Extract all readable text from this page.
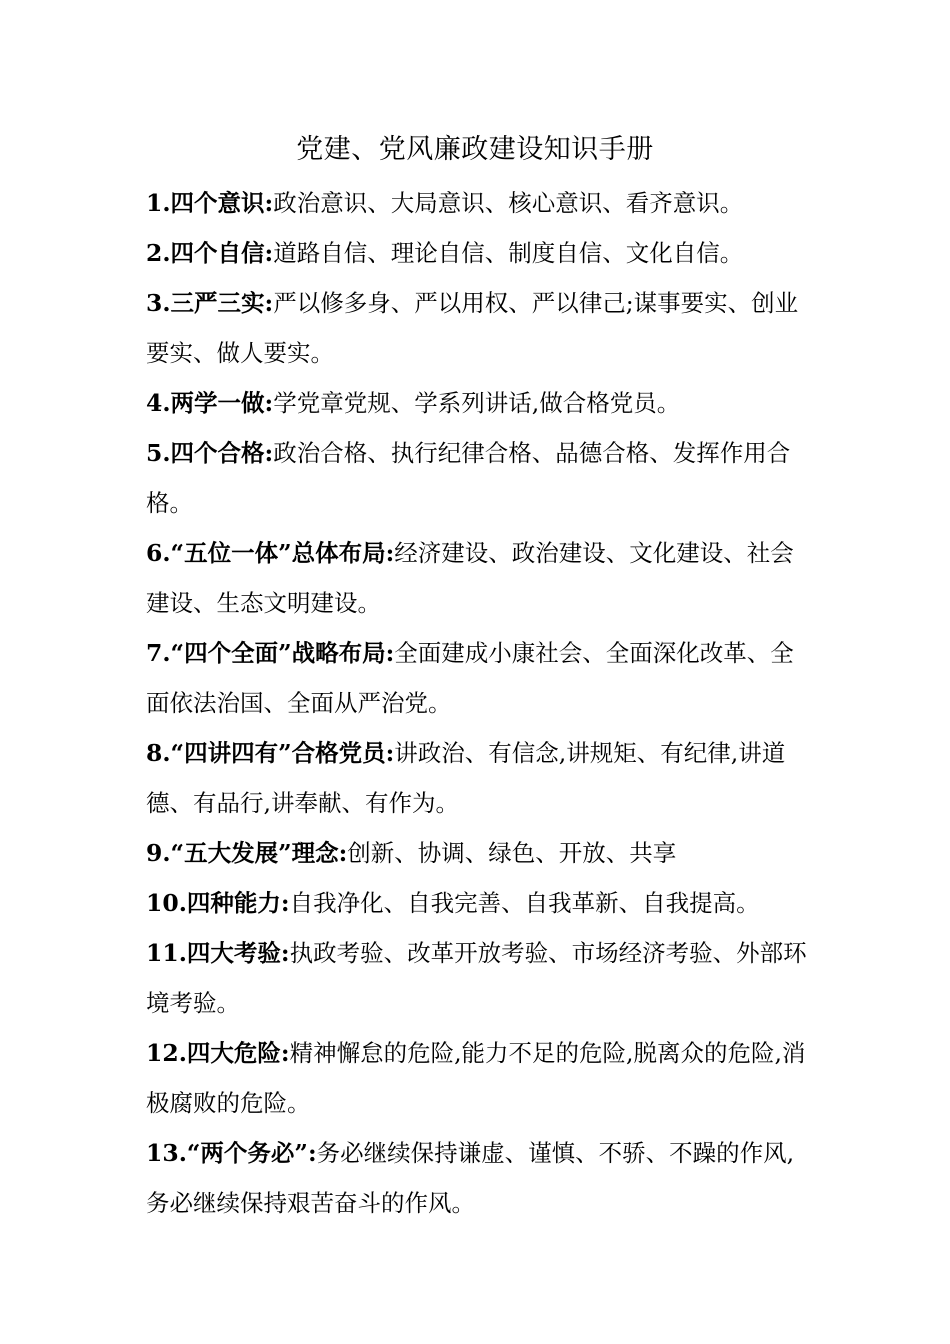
党建、党风廉政建设知识手册

1.四个意识:政治意识、大局意识、核心意识、看齐意识。

2.四个自信:道路自信、理论自信、制度自信、文化自信。

3.三严三实:严以修多身、严以用权、严以律己;谋事要实、创业要实、做人要实。

4.两学一做:学党章党规、学系列讲话,做合格党员。

5.四个合格:政治合格、执行纪律合格、品德合格、发挥作用合格。

6.“五位一体”总体布局:经济建设、政治建设、文化建设、社会建设、生态文明建设。

7.“四个全面”战略布局:全面建成小康社会、全面深化改革、全面依法治国、全面从严治党。

8.“四讲四有”合格党员:讲政治、有信念,讲规矩、有纪律,讲道德、有品行,讲奉献、有作为。

9.“五大发展”理念:创新、协调、绿色、开放、共享

10.四种能力:自我净化、自我完善、自我革新、自我提高。

11.四大考验:执政考验、改革开放考验、市场经济考验、外部环境考验。

12.四大危险:精神懈怠的危险,能力不足的危险,脱离众的危险,消极腐败的危险。

13.“两个务必”:务必继续保持谦虚、谨慎、不骄、不躁的作风,务必继续保持艰苦奋斗的作风。
